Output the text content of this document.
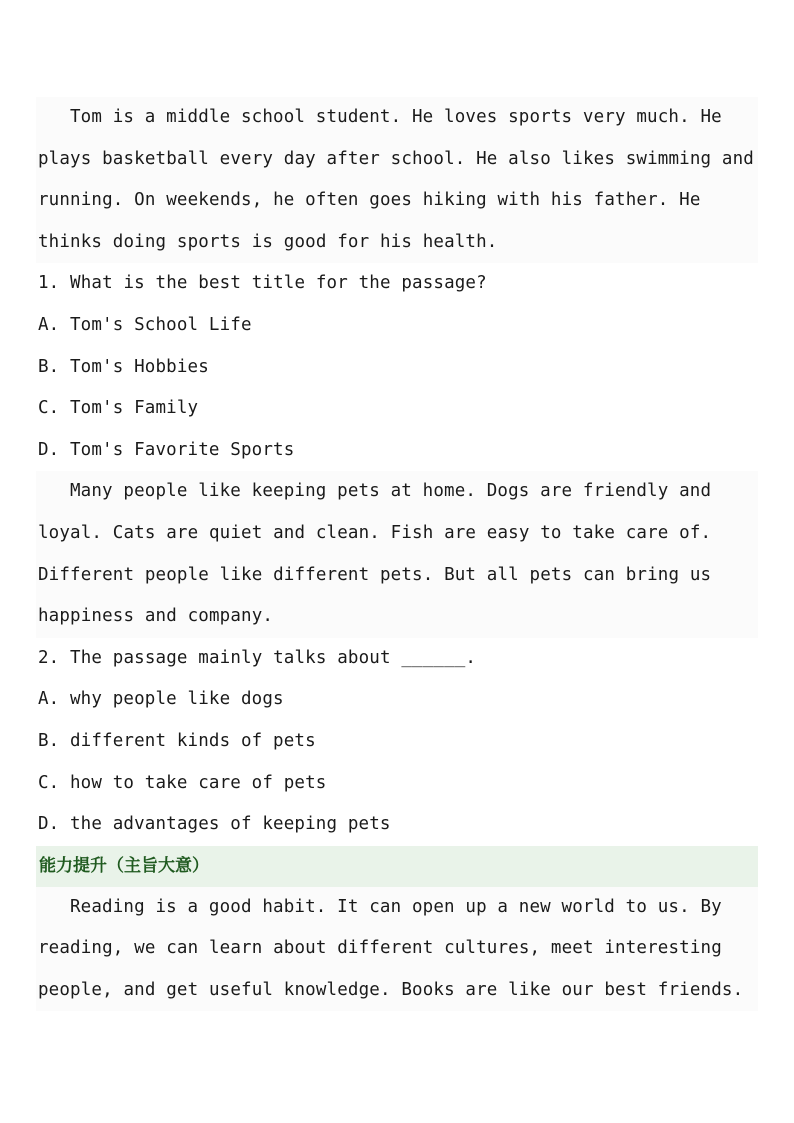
Tom is a middle school student. He loves sports very much. He
plays basketball every day after school. He also likes swimming and
running. On weekends, he often goes hiking with his father. He
thinks doing sports is good for his health.
1. What is the best title for the passage?
A. Tom's School Life
B. Tom's Hobbies
C. Tom's Family
D. Tom's Favorite Sports
Many people like keeping pets at home. Dogs are friendly and
loyal. Cats are quiet and clean. Fish are easy to take care of.
Different people like different pets. But all pets can bring us
happiness and company.
2. The passage mainly talks about ______.
A. why people like dogs
B. different kinds of pets
C. how to take care of pets
D. the advantages of keeping pets
能力提升（主旨大意）
Reading is a good habit. It can open up a new world to us. By
reading, we can learn about different cultures, meet interesting
people, and get useful knowledge. Books are like our best friends.
